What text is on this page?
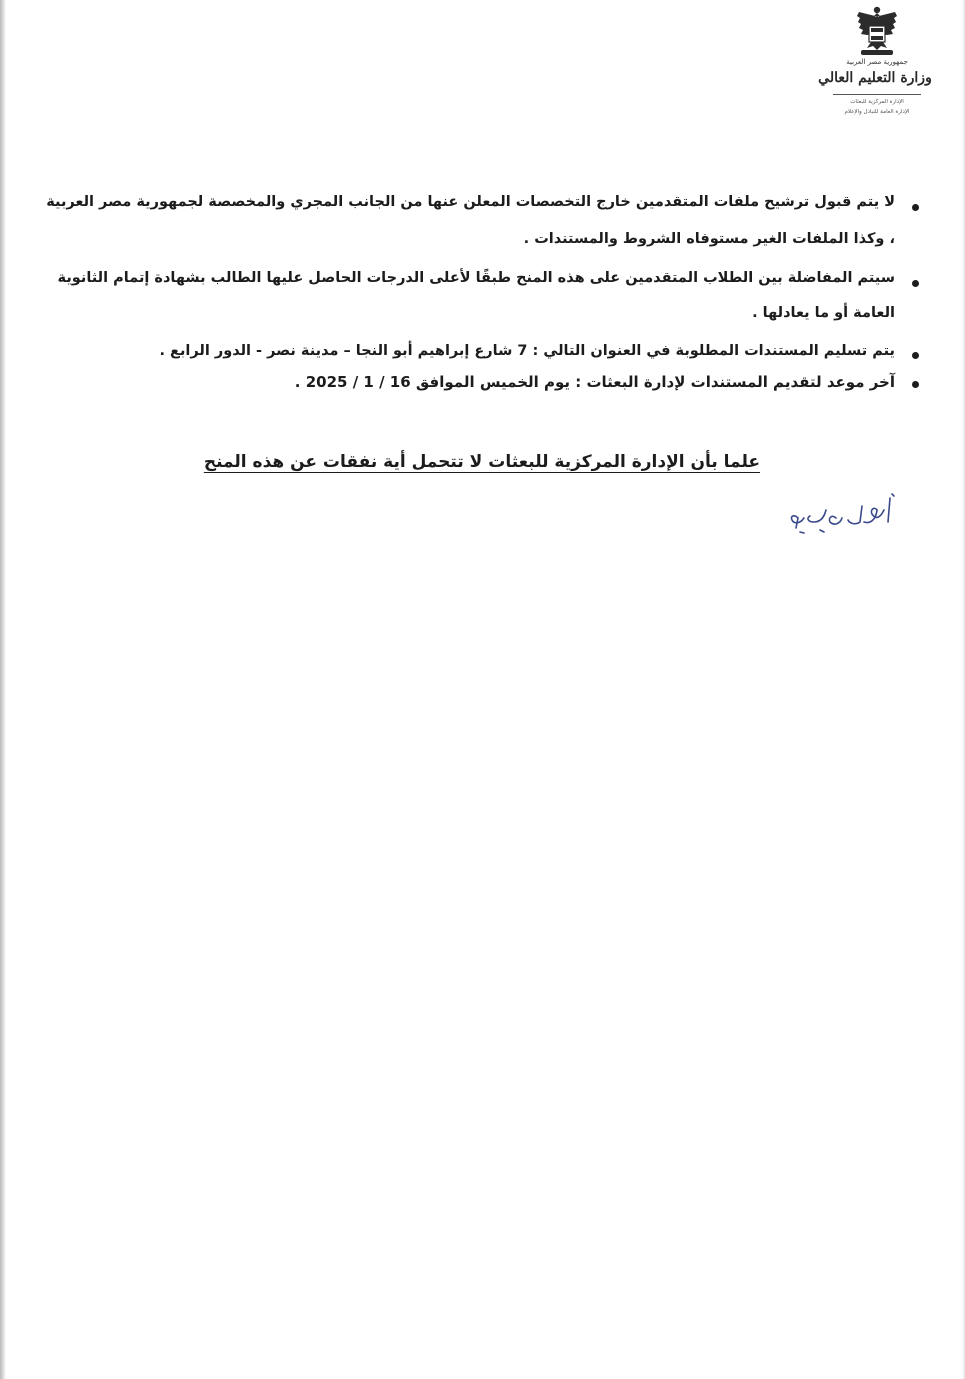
جمهورية مصر العربية
وزارة التعليم العالي
الإدارة المركزية للبعثات
الإدارة العامة للتبادل والإعلام
لا يتم قبول ترشيح ملفات المتقدمين خارج التخصصات المعلن عنها من الجانب المجري والمخصصة لجمهورية مصر العربية
، وكذا الملفات الغير مستوفاه الشروط والمستندات .
سيتم المفاضلة بين الطلاب المتقدمين على هذه المنح طبقًا لأعلى الدرجات الحاصل عليها الطالب بشهادة إتمام الثانوية
العامة أو ما يعادلها .
يتم تسليم المستندات المطلوبة في العنوان التالي : 7 شارع إبراهيم أبو النجا – مدينة نصر - الدور الرابع .
آخر موعد لتقديم المستندات لإدارة البعثات : يوم الخميس الموافق 16 / 1 / 2025 .
علما بأن الإدارة المركزية للبعثات لا تتحمل أية نفقات عن هذه المنح
